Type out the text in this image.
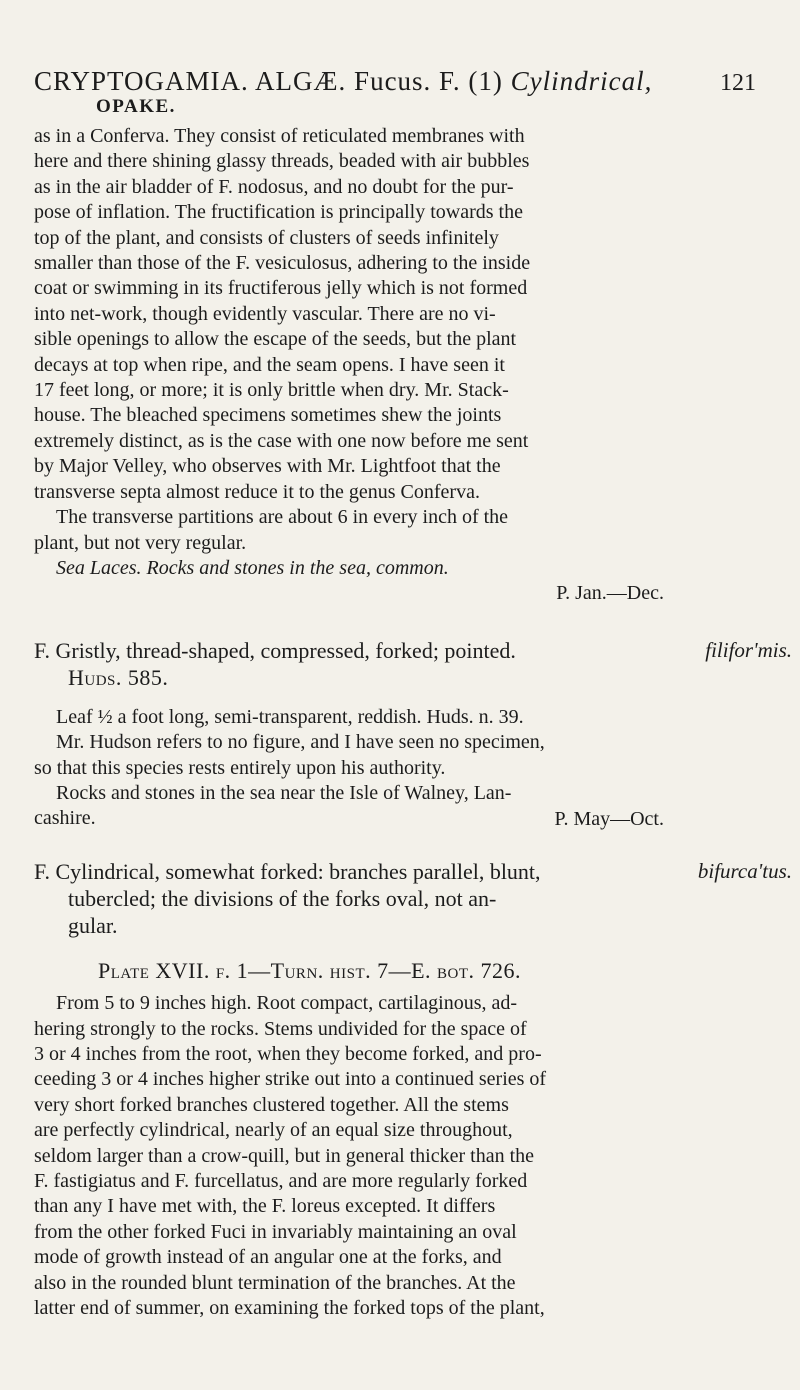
CRYPTOGAMIA. ALGÆ. Fucus. F. (1) Cylindrical,
OPAKE.
121

as in a Conferva. They consist of reticulated membranes with

here and there shining glassy threads, beaded with air bubbles

as in the air bladder of F. nodosus, and no doubt for the pur-

pose of inflation. The fructification is principally towards the

top of the plant, and consists of clusters of seeds infinitely

smaller than those of the F. vesiculosus, adhering to the inside

coat or swimming in its fructiferous jelly which is not formed

into net-work, though evidently vascular. There are no vi-

sible openings to allow the escape of the seeds, but the plant

decays at top when ripe, and the seam opens. I have seen it

17 feet long, or more; it is only brittle when dry. Mr. Stack-

house. The bleached specimens sometimes shew the joints

extremely distinct, as is the case with one now before me sent

by Major Velley, who observes with Mr. Lightfoot that the

transverse septa almost reduce it to the genus Conferva.

The transverse partitions are about 6 in every inch of the

plant, but not very regular.

Sea Laces. Rocks and stones in the sea, common.

P. Jan.—Dec.

F. Gristly, thread-shaped, compressed, forked; pointed.	filifor'mis.

Huds. 585.

Leaf ½ a foot long, semi-transparent, reddish. Huds. n. 39.

Mr. Hudson refers to no figure, and I have seen no specimen,

so that this species rests entirely upon his authority.

Rocks and stones in the sea near the Isle of Walney, Lan-

cashire.	P. May—Oct.

F. Cylindrical, somewhat forked: branches parallel, blunt,	bifurca'tus.

tubercled; the divisions of the forks oval, not an-

gular.

Plate XVII. f. 1—Turn. hist. 7—E. bot. 726.

From 5 to 9 inches high. Root compact, cartilaginous, ad-

hering strongly to the rocks. Stems undivided for the space of

3 or 4 inches from the root, when they become forked, and pro-

ceeding 3 or 4 inches higher strike out into a continued series of

very short forked branches clustered together. All the stems

are perfectly cylindrical, nearly of an equal size throughout,

seldom larger than a crow-quill, but in general thicker than the

F. fastigiatus and F. furcellatus, and are more regularly forked

than any I have met with, the F. loreus excepted. It differs

from the other forked Fuci in invariably maintaining an oval

mode of growth instead of an angular one at the forks, and

also in the rounded blunt termination of the branches. At the

latter end of summer, on examining the forked tops of the plant,
